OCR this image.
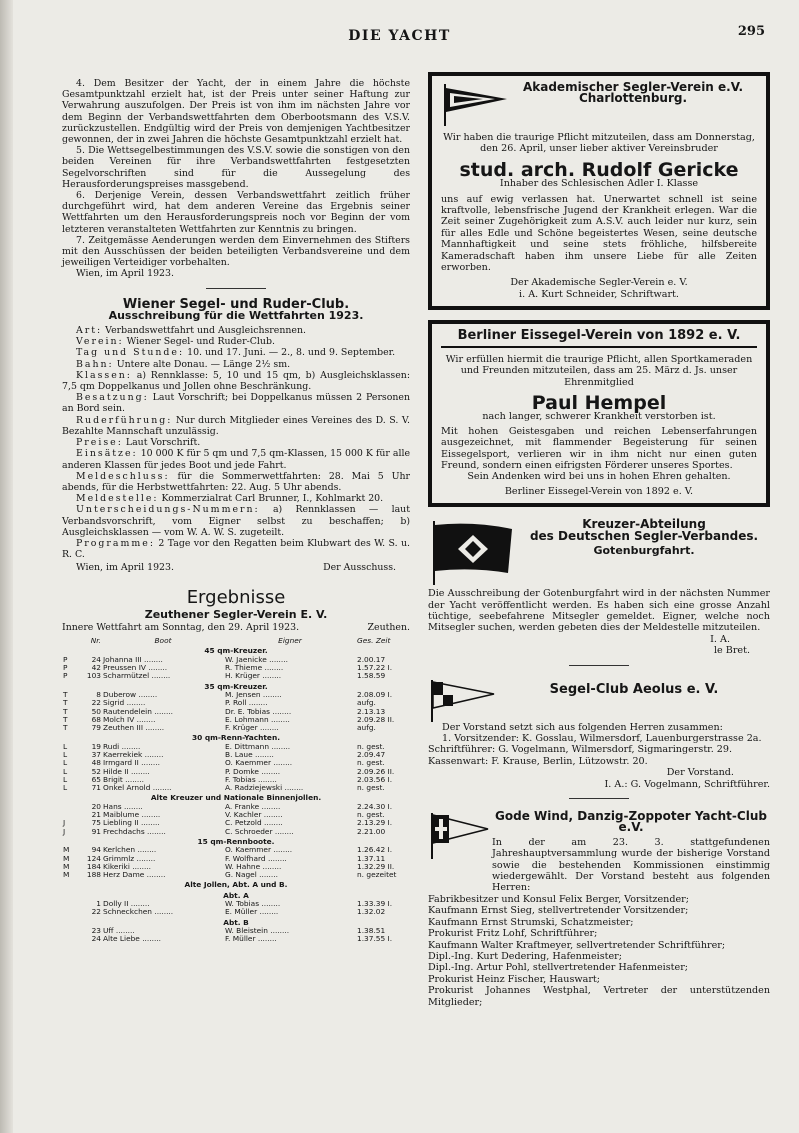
DIE YACHT	295

4. Dem Besitzer der Yacht, der in einem Jahre die höchste Gesamtpunktzahl erzielt hat, ist der Preis unter seiner Haftung zur Verwahrung auszufolgen. Der Preis ist von ihm im nächsten Jahre vor dem Beginn der Verbandswettfahrten dem Oberbootsmann des V.S.V. zurückzustellen. Endgültig wird der Preis von demjenigen Yachtbesitzer gewonnen, der in zwei Jahren die höchste Gesamtpunktzahl erzielt hat.

5. Die Wettsegelbestimmungen des V.S.V. sowie die sonstigen von den beiden Vereinen für ihre Verbandswettfahrten festgesetzten Segelvorschriften sind für die Aussegelung des Herausforderungspreises massgebend.

6. Derjenige Verein, dessen Verbandswettfahrt zeitlich früher durchgeführt wird, hat dem anderen Vereine das Ergebnis seiner Wettfahrten um den Herausforderungspreis noch vor Beginn der vom letzteren veranstalteten Wettfahrten zur Kenntnis zu bringen.

7. Zeitgemässe Aenderungen werden dem Einvernehmen des Stifters mit den Ausschüssen der beiden beteiligten Verbandsvereine und dem jeweiligen Verteidiger vorbehalten.

Wien, im April 1923.

Wiener Segel- und Ruder-Club.
Ausschreibung für die Wettfahrten 1923.

Art: Verbandswettfahrt und Ausgleichsrennen.

Verein: Wiener Segel- und Ruder-Club.

Tag und Stunde: 10. und 17. Juni. — 2., 8. und 9. September.

Bahn: Untere alte Donau. — Länge 2½ sm.

Klassen: a) Rennklasse: 5, 10 und 15 qm, b) Ausgleichsklassen: 7,5 qm Doppelkanus und Jollen ohne Beschränkung.

Besatzung: Laut Vorschrift; bei Doppelkanus müssen 2 Personen an Bord sein.

Ruderführung: Nur durch Mitglieder eines Vereines des D. S. V. Bezahlte Mannschaft unzulässig.

Preise: Laut Vorschrift.

Einsätze: 10 000 K für 5 qm und 7,5 qm-Klassen, 15 000 K für alle anderen Klassen für jedes Boot und jede Fahrt.

Meldeschluss: für die Sommerwettfahrten: 28. Mai 5 Uhr abends, für die Herbstwettfahrten: 22. Aug. 5 Uhr abends.

Meldestelle: Kommerzialrat Carl Brunner, I., Kohlmarkt 20.

Unterscheidungs-Nummern: a) Rennklassen — laut Verbandsvorschrift, vom Eigner selbst zu beschaffen; b) Ausgleichsklassen — vom W. A. W. S. zugeteilt.

Programme: 2 Tage vor den Regatten beim Klubwart des W. S. u. R. C.

Wien, im April 1923.	Der Ausschuss.
Ergebnisse
Zeuthener Segler-Verein E. V.
Innere Wettfahrt am Sonntag, den 29. April 1923.	Zeuthen.
	Nr.	Boot	Eigner	Ges. Zeit
45 qm-Kreuzer.				
P	24	Johanna III ........	W. Jaenicke ........	2.00.17
P	42	Preussen IV ........	R. Thieme ........	1.57.22 I.
P	103	Scharmützel ........	H. Krüger ........	1.58.59
35 qm-Kreuzer.				
T	8	Duberow ........	M. Jensen ........	2.08.09 I.
T	22	Sigrid ........	P. Roll ........	aufg.
T	50	Rautendelein ........	Dr. E. Tobias ........	2.13.13
T	68	Molch IV ........	E. Lohmann ........	2.09.28 II.
T	79	Zeuthen III ........	F. Krüger ........	aufg.
30 qm-Renn-Yachten.				
L	19	Rudi ........	E. Dittmann ........	n. gest.
L	37	Kaerrekiek ........	B. Laue ........	2.09.47
L	48	Irmgard II ........	O. Kaemmer ........	n. gest.
L	52	Hilde II ........	P. Domke ........	2.09.26 II.
L	65	Brigit ........	F. Tobias ........	2.03.56 I.
L	71	Onkel Arnold ........	A. Radziejewski ........	n. gest.
Alte Kreuzer und Nationale Binnenjollen.				
	20	Hans ........	A. Franke ........	2.24.30 I.
	21	Maiblume ........	V. Kachler ........	n. gest.
J	75	Liebling II ........	C. Petzold ........	2.13.29 I.
J	91	Frechdachs ........	C. Schroeder ........	2.21.00
15 qm-Rennboote.				
M	94	Kerlchen ........	O. Kaemmer ........	1.26.42 I.
M	124	Grimmlz ........	F. Wolfhard ........	1.37.11
M	184	Kikeriki ........	W. Hahne ........	1.32.29 II.
M	188	Herz Dame ........	G. Nagel ........	n. gezeitet
Alte Jollen, Abt. A und B.				
Abt. A				
	1	Dolly II ........	W. Tobias ........	1.33.39 I.
	22	Schneckchen ........	E. Müller ........	1.32.02
Abt. B				
	23	Uff ........	W. Bleistein ........	1.38.51
	24	Alte Liebe ........	F. Müller ........	1.37.55 I.
Akademischer Segler-Verein e.V.
Charlottenburg.

Wir haben die traurige Pflicht mitzuteilen, dass am Donnerstag, den 26. April, unser lieber aktiver Vereinsbruder

stud. arch. Rudolf Gericke

Inhaber des Schlesischen Adler I. Klasse

uns auf ewig verlassen hat. Unerwartet schnell ist seine kraftvolle, lebensfrische Jugend der Krankheit erlegen. War die Zeit seiner Zugehörigkeit zum A.S.V. auch leider nur kurz, sein für alles Edle und Schöne begeistertes Wesen, seine deutsche Mannhaftigkeit und seine stets fröhliche, hilfsbereite Kameradschaft haben ihm unsere Liebe für alle Zeiten erworben.

Der Akademische Segler-Verein e. V.

i. A. Kurt Schneider, Schriftwart.

Berliner Eissegel-Verein von 1892 e. V.

Wir erfüllen hiermit die traurige Pflicht, allen Sportkameraden und Freunden mitzuteilen, dass am 25. März d. Js. unser Ehrenmitglied

Paul Hempel

nach langer, schwerer Krankheit verstorben ist.

Mit hohen Geistesgaben und reichen Lebenserfahrungen ausgezeichnet, mit flammender Begeisterung für seinen Eissegelsport, verlieren wir in ihm nicht nur einen guten Freund, sondern einen eifrigsten Förderer unseres Sportes.

Sein Andenken wird bei uns in hohen Ehren gehalten.

Berliner Eissegel-Verein von 1892 e. V.

Kreuzer-Abteilung
des Deutschen Segler-Verbandes.
Gotenburgfahrt.

Die Ausschreibung der Gotenburgfahrt wird in der nächsten Nummer der Yacht veröffentlicht werden. Es haben sich eine grosse Anzahl tüchtige, seebefahrene Mitsegler gemeldet. Eigner, welche noch Mitsegler suchen, werden gebeten dies der Meldestelle mitzuteilen.

I. A.
le Bret.
Segel-Club Aeolus e. V.

Der Vorstand setzt sich aus folgenden Herren zusammen:

1. Vorsitzender: K. Gosslau, Wilmersdorf, Lauenburgerstrasse 2a.

Schriftführer: G. Vogelmann, Wilmersdorf, Sigmaringerstr. 29.

Kassenwart: F. Krause, Berlin, Lützowstr. 20.

Der Vorstand.
I. A.: G. Vogelmann, Schriftführer.
Gode Wind, Danzig-Zoppoter Yacht-Club e.V.

In der am 23. 3. stattgefundenen Jahreshauptversammlung wurde der bisherige Vorstand sowie die bestehenden Kommissionen einstimmig wiedergewählt. Der Vorstand besteht aus folgenden Herren:

Fabrikbesitzer und Konsul Felix Berger, Vorsitzender;

Kaufmann Ernst Sieg, stellvertretender Vorsitzender;

Kaufmann Ernst Strumski, Schatzmeister;

Prokurist Fritz Lohf, Schriftführer;

Kaufmann Walter Kraftmeyer, sellvertretender Schriftführer;

Dipl.-Ing. Kurt Dedering, Hafenmeister;

Dipl.-Ing. Artur Pohl, stellvertretender Hafenmeister;

Prokurist Heinz Fischer, Hauswart;

Prokurist Johannes Westphal, Vertreter der unterstützenden Mitglieder;
